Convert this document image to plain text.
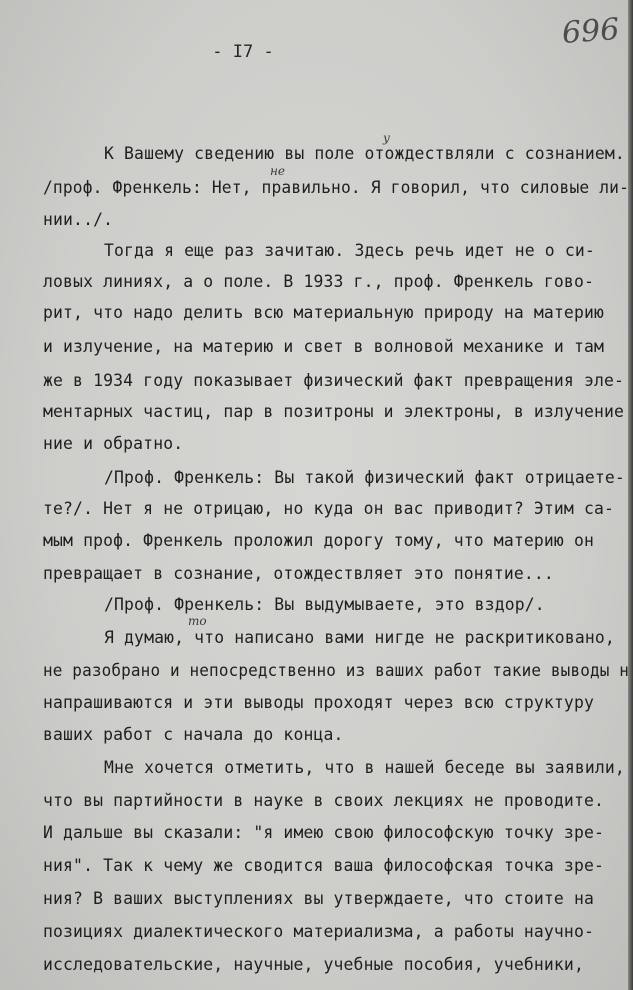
- I7 -
696
у
не
то
К Вашему сведению вы поле отождествляли с сознанием.
/проф. Френкель: Нет, правильно. Я говорил, что силовые ли-
нии../.
Тогда я еще раз зачитаю. Здесь речь идет не о си-
ловых линиях, а о поле. В 1933 г., проф. Френкель гово-
рит, что надо делить всю материальную природу на материю
и излучение, на материю и свет в волновой механике и там
же в 1934 году показывает физический факт превращения эле-
ментарных частиц, пар в позитроны и электроны, в излучение
ние и обратно.
/Проф. Френкель: Вы такой физический факт отрицаете-
те?/. Нет я не отрицаю, но куда он вас приводит? Этим са-
мым проф. Френкель проложил дорогу тому, что материю он
превращает в сознание, отождествляет это понятие...
/Проф. Френкель: Вы выдумываете, это вздор/.
Я думаю, что написано вами нигде не раскритиковано,
не разобрано и непосредственно из ваших работ такие выводы н
напрашиваются и эти выводы проходят через всю структуру
ваших работ с начала до конца.
Мне хочется отметить, что в нашей беседе вы заявили,
что вы партийности в науке в своих лекциях не проводите.
И дальше вы сказали: "я имею свою философскую точку зре-
ния". Так к чему же сводится ваша философская точка зре-
ния? В ваших выступлениях вы утверждаете, что стоите на
позициях диалектического материализма, а работы научно-
исследовательские, научные, учебные пособия, учебники,
